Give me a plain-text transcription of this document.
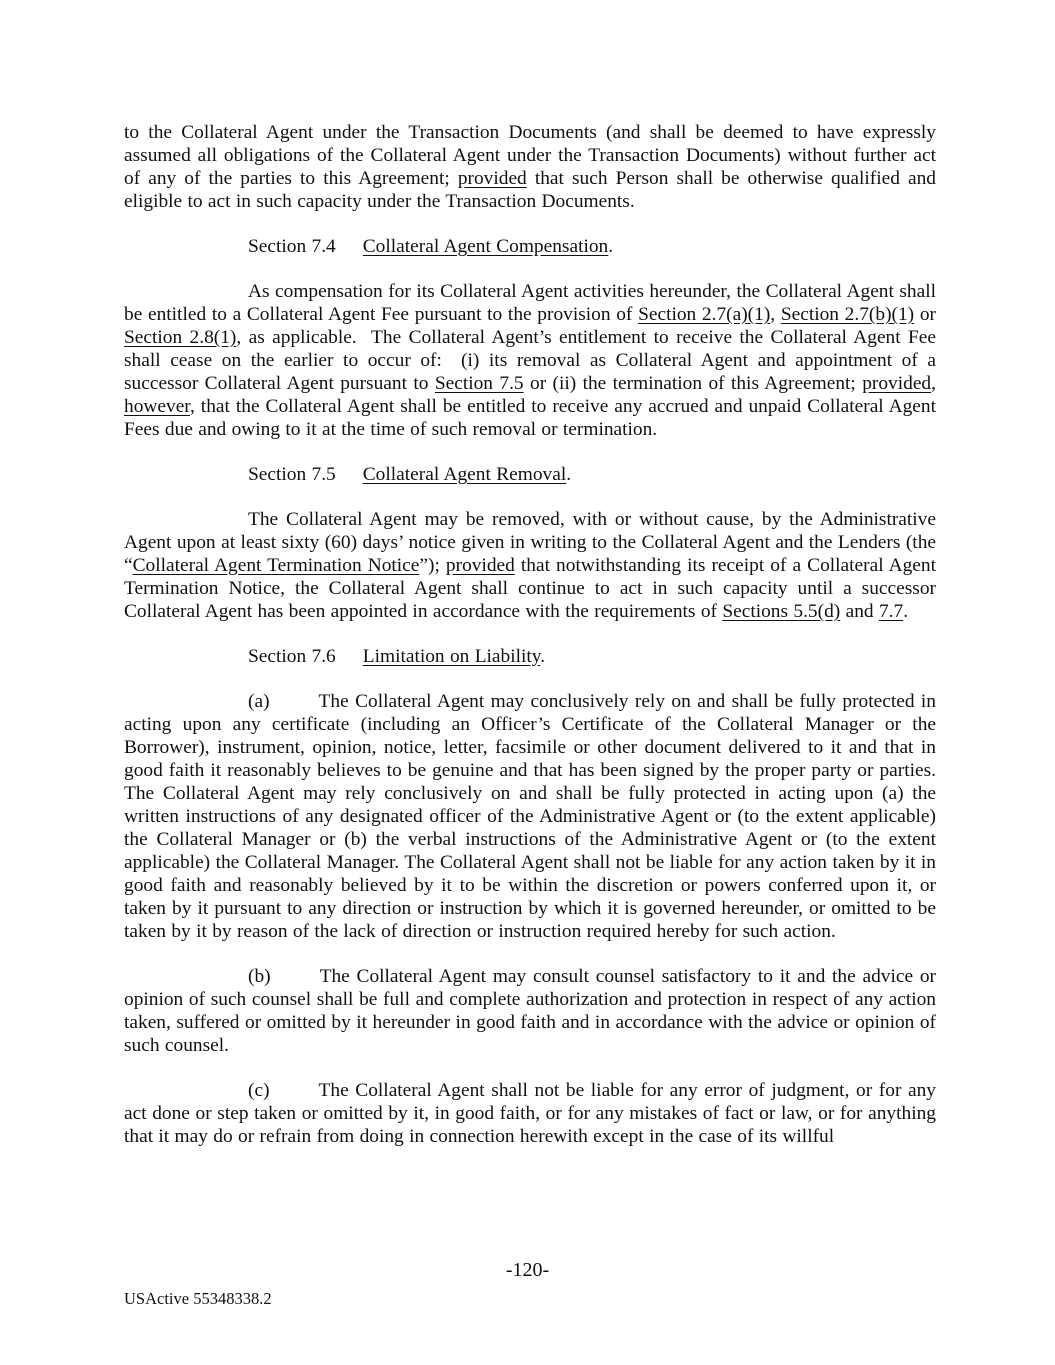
to the Collateral Agent under the Transaction Documents (and shall be deemed to have expressly assumed all obligations of the Collateral Agent under the Transaction Documents) without further act of any of the parties to this Agreement; provided that such Person shall be otherwise qualified and eligible to act in such capacity under the Transaction Documents.

Section 7.4 Collateral Agent Compensation.

As compensation for its Collateral Agent activities hereunder, the Collateral Agent shall be entitled to a Collateral Agent Fee pursuant to the provision of Section 2.7(a)(1), Section 2.7(b)(1) or Section 2.8(1), as applicable.  The Collateral Agent’s entitlement to receive the Collateral Agent Fee shall cease on the earlier to occur of:  (i) its removal as Collateral Agent and appointment of a successor Collateral Agent pursuant to Section 7.5 or (ii) the termination of this Agreement; provided, however, that the Collateral Agent shall be entitled to receive any accrued and unpaid Collateral Agent Fees due and owing to it at the time of such removal or termination.

Section 7.5 Collateral Agent Removal.

The Collateral Agent may be removed, with or without cause, by the Administrative Agent upon at least sixty (60) days’ notice given in writing to the Collateral Agent and the Lenders (the “Collateral Agent Termination Notice”); provided that notwithstanding its receipt of a Collateral Agent Termination Notice, the Collateral Agent shall continue to act in such capacity until a successor Collateral Agent has been appointed in accordance with the requirements of Sections 5.5(d) and 7.7.

Section 7.6 Limitation on Liability.

(a)	The Collateral Agent may conclusively rely on and shall be fully protected in acting upon any certificate (including an Officer’s Certificate of the Collateral Manager or the Borrower), instrument, opinion, notice, letter, facsimile or other document delivered to it and that in good faith it reasonably believes to be genuine and that has been signed by the proper party or parties.  The Collateral Agent may rely conclusively on and shall be fully protected in acting upon (a) the written instructions of any designated officer of the Administrative Agent or (to the extent applicable) the Collateral Manager or (b) the verbal instructions of the Administrative Agent or (to the extent applicable) the Collateral Manager. The Collateral Agent shall not be liable for any action taken by it in good faith and reasonably believed by it to be within the discretion or powers conferred upon it, or taken by it pursuant to any direction or instruction by which it is governed hereunder, or omitted to be taken by it by reason of the lack of direction or instruction required hereby for such action.

(b)	The Collateral Agent may consult counsel satisfactory to it and the advice or opinion of such counsel shall be full and complete authorization and protection in respect of any action taken, suffered or omitted by it hereunder in good faith and in accordance with the advice or opinion of such counsel.

(c)	The Collateral Agent shall not be liable for any error of judgment, or for any act done or step taken or omitted by it, in good faith, or for any mistakes of fact or law, or for anything that it may do or refrain from doing in connection herewith except in the case of its willful

-120-
USActive 55348338.2
